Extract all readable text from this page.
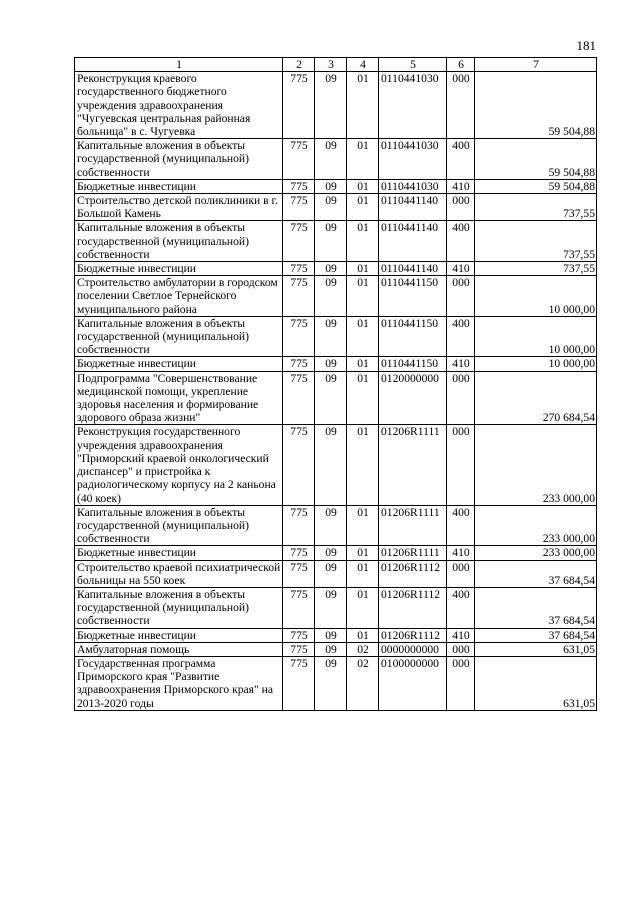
181
1	2	3	4	5	6	7
Реконструкция краевого государственного бюджетного учреждения здравоохранения "Чугуевская центральная районная больница" в с. Чугуевка	775	09	01	0110441030	000	59 504,88
Капитальные вложения в объекты государственной (муниципальной) собственности	775	09	01	0110441030	400	59 504,88
Бюджетные инвестиции	775	09	01	0110441030	410	59 504,88
Строительство детской поликлиники в г. Большой Камень	775	09	01	0110441140	000	737,55
Капитальные вложения в объекты государственной (муниципальной) собственности	775	09	01	0110441140	400	737,55
Бюджетные инвестиции	775	09	01	0110441140	410	737,55
Строительство амбулатории в городском поселении Светлое Тернейского муниципального района	775	09	01	0110441150	000	10 000,00
Капитальные вложения в объекты государственной (муниципальной) собственности	775	09	01	0110441150	400	10 000,00
Бюджетные инвестиции	775	09	01	0110441150	410	10 000,00
Подпрограмма "Совершенствование медицинской помощи, укрепление здоровья населения и формирование здорового образа жизни"	775	09	01	0120000000	000	270 684,54
Реконструкция государственного учреждения здравоохранения "Приморский краевой онкологический диспансер" и пристройка к радиологическому корпусу на 2 каньона (40 коек)	775	09	01	01206R1111	000	233 000,00
Капитальные вложения в объекты государственной (муниципальной) собственности	775	09	01	01206R1111	400	233 000,00
Бюджетные инвестиции	775	09	01	01206R1111	410	233 000,00
Строительство краевой психиатрической больницы на 550 коек	775	09	01	01206R1112	000	37 684,54
Капитальные вложения в объекты государственной (муниципальной) собственности	775	09	01	01206R1112	400	37 684,54
Бюджетные инвестиции	775	09	01	01206R1112	410	37 684,54
Амбулаторная помощь	775	09	02	0000000000	000	631,05
Государственная программа Приморского края "Развитие здравоохранения Приморского края" на 2013-2020 годы	775	09	02	0100000000	000	631,05
